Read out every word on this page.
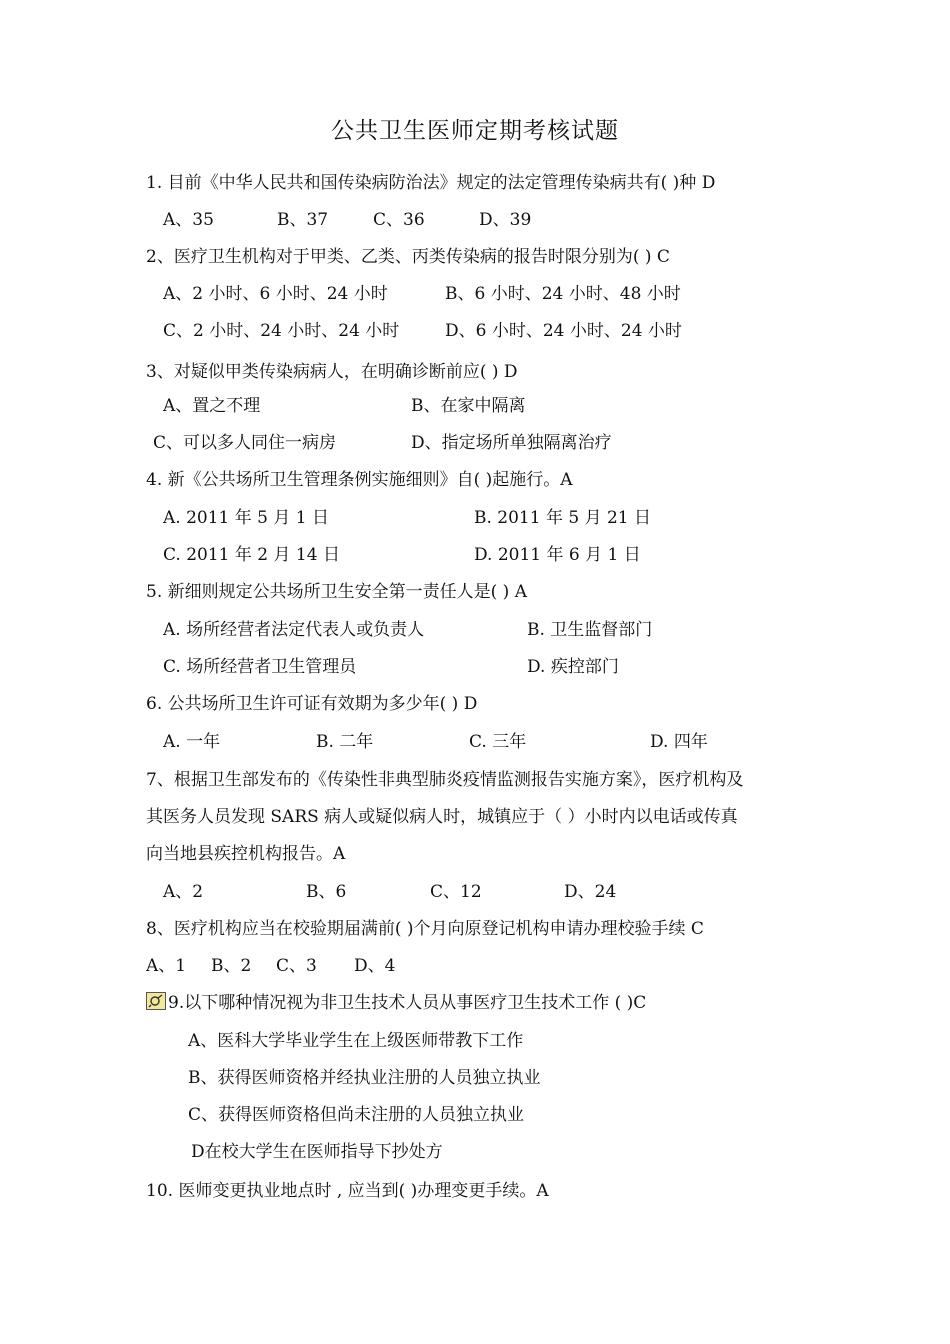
公共卫生医师定期考核试题
1. 目前《中华人民共和国传染病防治法》规定的法定管理传染病共有( )种 D
A、35	B、37	C、36	D、39
2、医疗卫生机构对于甲类、乙类、丙类传染病的报告时限分别为( ) C
A、2 小时、6 小时、24 小时	B、6 小时、24 小时、48 小时
C、2 小时、24 小时、24 小时	D、6 小时、24 小时、24 小时
3、对疑似甲类传染病病人，在明确诊断前应( ) D
A、置之不理	B、在家中隔离
C、可以多人同住一病房	D、指定场所单独隔离治疗
4. 新《公共场所卫生管理条例实施细则》自( )起施行。A
A. 2011 年 5 月 1 日	B. 2011 年 5 月 21 日
C. 2011 年 2 月 14 日	D. 2011 年 6 月 1 日
5. 新细则规定公共场所卫生安全第一责任人是( ) A
A. 场所经营者法定代表人或负责人	B. 卫生监督部门
C. 场所经营者卫生管理员	D. 疾控部门
6. 公共场所卫生许可证有效期为多少年( ) D
A. 一年	B. 二年	C. 三年	D. 四年
7、根据卫生部发布的《传染性非典型肺炎疫情监测报告实施方案》，医疗机构及
其医务人员发现 SARS 病人或疑似病人时，城镇应于（ ）小时内以电话或传真
向当地县疾控机构报告。A
A、2	B、6	C、12	D、24
8、医疗机构应当在校验期届满前( )个月向原登记机构申请办理校验手续 C
A、1 B、2 C、3 D、4
9.以下哪种情况视为非卫生技术人员从事医疗卫生技术工作 ( )C
A、医科大学毕业学生在上级医师带教下工作
B、获得医师资格并经执业注册的人员独立执业
C、获得医师资格但尚未注册的人员独立执业
D在校大学生在医师指导下抄处方
10. 医师变更执业地点时 , 应当到( )办理变更手续。A
